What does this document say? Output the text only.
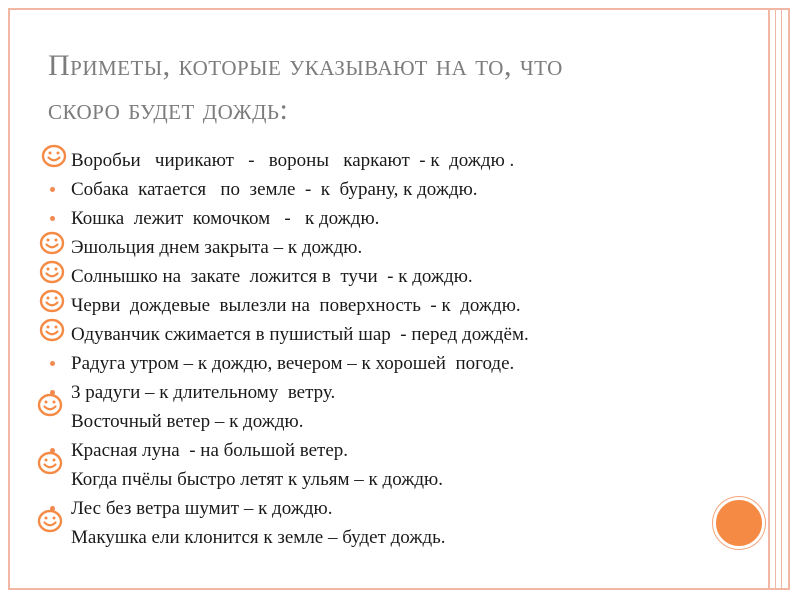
Приметы, которые указывают на то, что
скоро будет дождь:
Воробьи   чирикают   -   вороны   каркают  - к  дождю .
Собака  катается   по  земле  -  к  бурану, к дождю.
Кошка  лежит  комочком   -   к дождю.
Эшольция днем закрыта – к дождю.
Солнышко на  закате  ложится в  тучи  - к дождю.
Черви  дождевые  вылезли на  поверхность  - к  дождю.
Одуванчик сжимается в пушистый шар  - перед дождём.
Радуга утром – к дождю, вечером – к хорошей  погоде.
3 радуги – к длительному  ветру.
Восточный ветер – к дождю.
Красная луна  - на большой ветер.
Когда пчёлы быстро летят к ульям – к дождю.
Лес без ветра шумит – к дождю.
Макушка ели клонится к земле – будет дождь.
